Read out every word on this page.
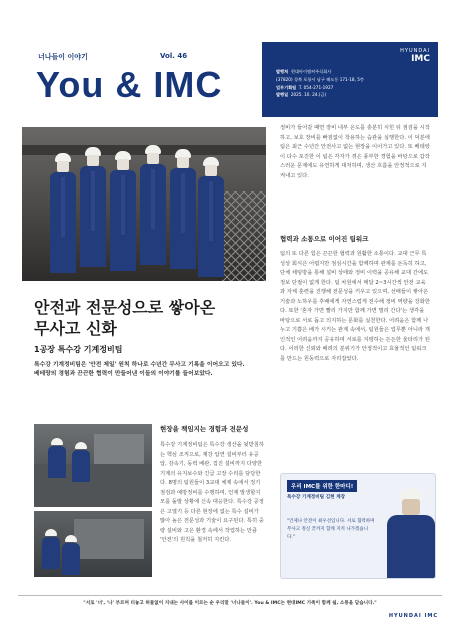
너나들이 이야기	Vol. 46
You & IMC
HYUNDAI
IMC
발행처 현대아이엠씨주식회사
(37820) 경북 포항시 남구 해도동 171-18, 5층
업무기획팀 T. 054-271-1927
발행일 2025. 10. 24.(금)
안전과 전문성으로 쌓아온
무사고 신화
1공장 특수강 기계정비팀
특수강 기계정비팀은 '안전 제일' 원칙 하나로 수년간 무사고 기록을 이어오고 있다.
베테랑의 경험과 끈끈한 협력이 만들어낸 이들의 이야기를 들어보았다.
현장을 책임지는 경험과 전문성
특수강 기계정비팀은 특수강 생산을 뒷받침하는 핵심 조직으로, 제강 압연 설비부터 유공압, 감속기, 동력 배관, 집진 설비까지 다양한 기계의 유지보수와 긴급 고장 수리를 담당한다. 8명의 팀원들이 3교대 체제 속에서 정기 점검과 예방정비를 수행하며, 언제 발생할지 모를 돌발 상황에 신속 대응한다. 특수강 공정은 고열기 등 다른 현장에 없는 특수 설비가 많아 높은 전문성과 기술이 요구된다. 특히 중량 설비와 고온 환경 속에서 작업하는 만큼 '안전'의 원칙을 철저히 지킨다.
정비가 들어갈 때면 장비 내부 온도를 충분히 식힌 뒤 점검을 시작하고, 보호 장비를 빠짐없이 착용하는 습관을 실행한다. 이 덕분에 팀은 최근 수년간 안전사고 없는 현장을 이어가고 있다. 또 베테랑이 다수 포진한 이 팀은 각자가 겪은 풍부한 경험을 바탕으로 갑작스러운 문제에도 유연하게 대처하며, 생산 흐름을 안정적으로 지켜내고 있다.
협력과 소통으로 이어진 팀워크
팀의 또 다른 힘은 끈끈한 협력과 원활한 소통이다. 교대 근무 특성상 회식은 어렵지만 점심시간을 함께하며 관계를 돈독히 하고, 단체 채팅방을 통해 설비 상태와 정비 이력을 공유해 교대 간에도 정보 단절이 없게 한다. 팀 차원에서 매달 2~3시간씩 안전 교육과 자체 훈련을 진행해 전문성을 키우고 있으며, 선배들이 쌓아온 기술과 노하우를 후배에게 자연스럽게 전수해 정비 역량을 강화한다. 또한 '혼자 가면 빨리 가지만 함께 가면 멀리 간다'는 생각을 바탕으로 서로 돕고 의지하는 문화를 실천한다. 어려움은 함께 나누고 기쁨은 배가 시키는 관계 속에서, 팀원들은 업무뿐 아니라 개인적인 어려움까지 공유하며 서로를 지탱하는 든든한 울타리가 된다. 이러한 신뢰와 배려의 분위기가 안정적이고 효율적인 팀워크를 만드는 원동력으로 자리잡았다.
우리 IMC를 위한 한마디!
특수강 기계정비팀 김현 계장
"언제나 안전이 최우선입니다. 서로 협력하며 무사고 정신 끝까지 함께 지켜 나가겠습니다."
"서로 '너', '나' 부르며 터놓고 허물없이 지내는 사이를 이르는 순 우리말 '너나들이'. You & IMC는 현대IMC 가족이 함께 쉽, 소통을 담습니다."
HYUNDAI IMC
